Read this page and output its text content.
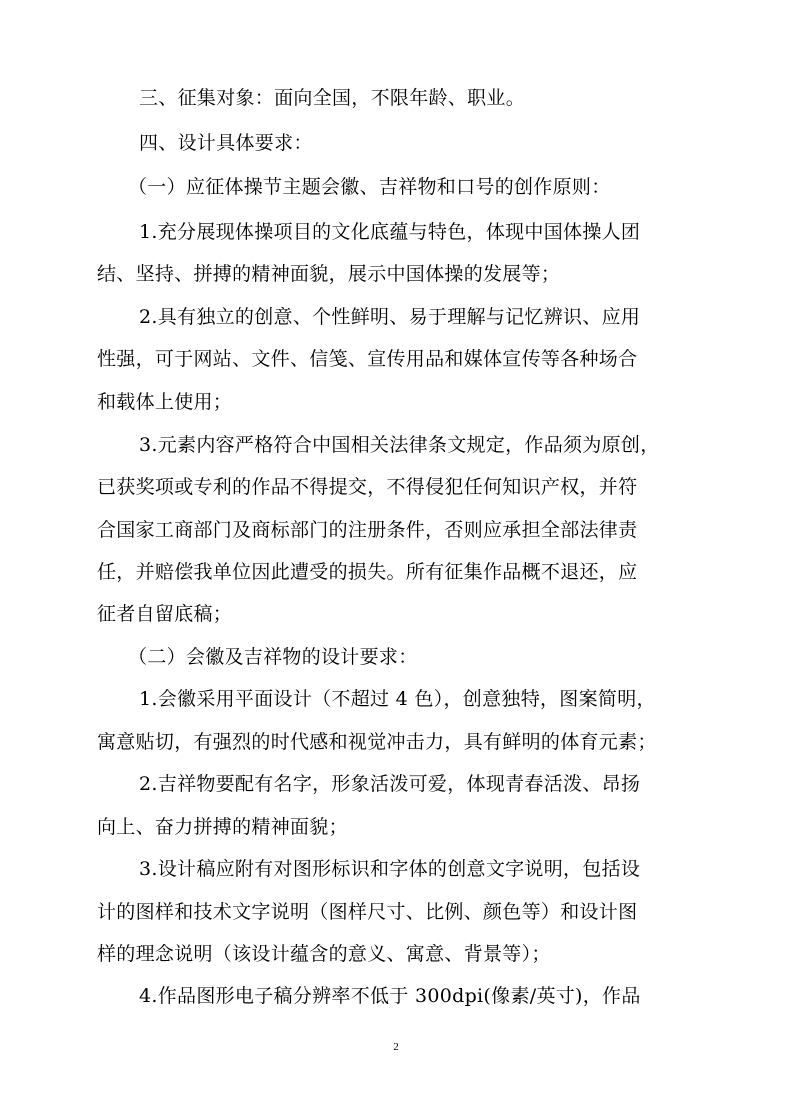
三、征集对象：面向全国，不限年龄、职业。
四、设计具体要求：
（一）应征体操节主题会徽、吉祥物和口号的创作原则：
1.充分展现体操项目的文化底蕴与特色，体现中国体操人团
结、坚持、拼搏的精神面貌，展示中国体操的发展等；
2.具有独立的创意、个性鲜明、易于理解与记忆辨识、应用
性强，可于网站、文件、信笺、宣传用品和媒体宣传等各种场合
和载体上使用；
3.元素内容严格符合中国相关法律条文规定，作品须为原创，
已获奖项或专利的作品不得提交，不得侵犯任何知识产权，并符
合国家工商部门及商标部门的注册条件，否则应承担全部法律责
任，并赔偿我单位因此遭受的损失。所有征集作品概不退还，应
征者自留底稿；
（二）会徽及吉祥物的设计要求：
1.会徽采用平面设计（不超过 4 色），创意独特，图案简明，
寓意贴切，有强烈的时代感和视觉冲击力，具有鲜明的体育元素；
2.吉祥物要配有名字，形象活泼可爱，体现青春活泼、昂扬
向上、奋力拼搏的精神面貌；
3.设计稿应附有对图形标识和字体的创意文字说明，包括设
计的图样和技术文字说明（图样尺寸、比例、颜色等）和设计图
样的理念说明（该设计蕴含的意义、寓意、背景等）；
4.作品图形电子稿分辨率不低于 300dpi(像素/英寸)，作品
2
